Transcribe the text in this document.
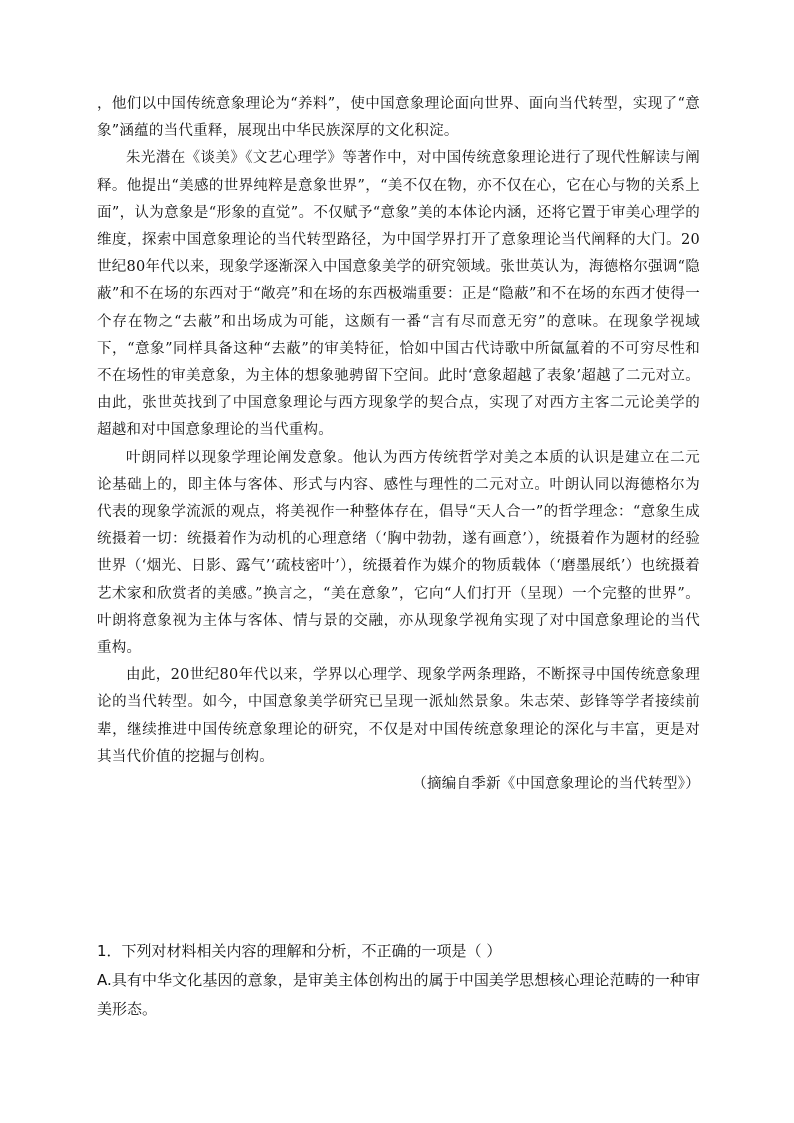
，他们以中国传统意象理论为“养料”，使中国意象理论面向世界、面向当代转型，实现了“意象”涵蕴的当代重释，展现出中华民族深厚的文化积淀。

朱光潜在《谈美》《文艺心理学》等著作中，对中国传统意象理论进行了现代性解读与阐释。他提出“美感的世界纯粹是意象世界”，“美不仅在物，亦不仅在心，它在心与物的关系上面”，认为意象是“形象的直觉”。不仅赋予“意象”美的本体论内涵，还将它置于审美心理学的维度，探索中国意象理论的当代转型路径，为中国学界打开了意象理论当代阐释的大门。20世纪80年代以来，现象学逐渐深入中国意象美学的研究领域。张世英认为，海德格尔强调“隐蔽”和不在场的东西对于“敞亮”和在场的东西极端重要：正是“隐蔽”和不在场的东西才使得一个存在物之“去蔽”和出场成为可能，这颇有一番“言有尽而意无穷”的意味。在现象学视域下，“意象”同样具备这种“去蔽”的审美特征，恰如中国古代诗歌中所氤氲着的不可穷尽性和不在场性的审美意象，为主体的想象驰骋留下空间。此时‘意象超越了表象’超越了二元对立。由此，张世英找到了中国意象理论与西方现象学的契合点，实现了对西方主客二元论美学的超越和对中国意象理论的当代重构。

叶朗同样以现象学理论阐发意象。他认为西方传统哲学对美之本质的认识是建立在二元论基础上的，即主体与客体、形式与内容、感性与理性的二元对立。叶朗认同以海德格尔为代表的现象学流派的观点，将美视作一种整体存在，倡导“天人合一”的哲学理念：“意象生成统摄着一切：统摄着作为动机的心理意绪（‘胸中勃勃，遂有画意’），统摄着作为题材的经验世界（‘烟光、日影、露气’‘疏枝密叶’），统摄着作为媒介的物质载体（‘磨墨展纸’）也统摄着艺术家和欣赏者的美感。”换言之，“美在意象”，它向“人们打开（呈现）一个完整的世界”。叶朗将意象视为主体与客体、情与景的交融，亦从现象学视角实现了对中国意象理论的当代重构。

由此，20世纪80年代以来，学界以心理学、现象学两条理路，不断探寻中国传统意象理论的当代转型。如今，中国意象美学研究已呈现一派灿然景象。朱志荣、彭锋等学者接续前辈，继续推进中国传统意象理论的研究，不仅是对中国传统意象理论的深化与丰富，更是对其当代价值的挖掘与创构。

（摘编自季新《中国意象理论的当代转型》）

1．下列对材料相关内容的理解和分析，不正确的一项是（ ）

A.具有中华文化基因的意象，是审美主体创构出的属于中国美学思想核心理论范畴的一种审美形态。
